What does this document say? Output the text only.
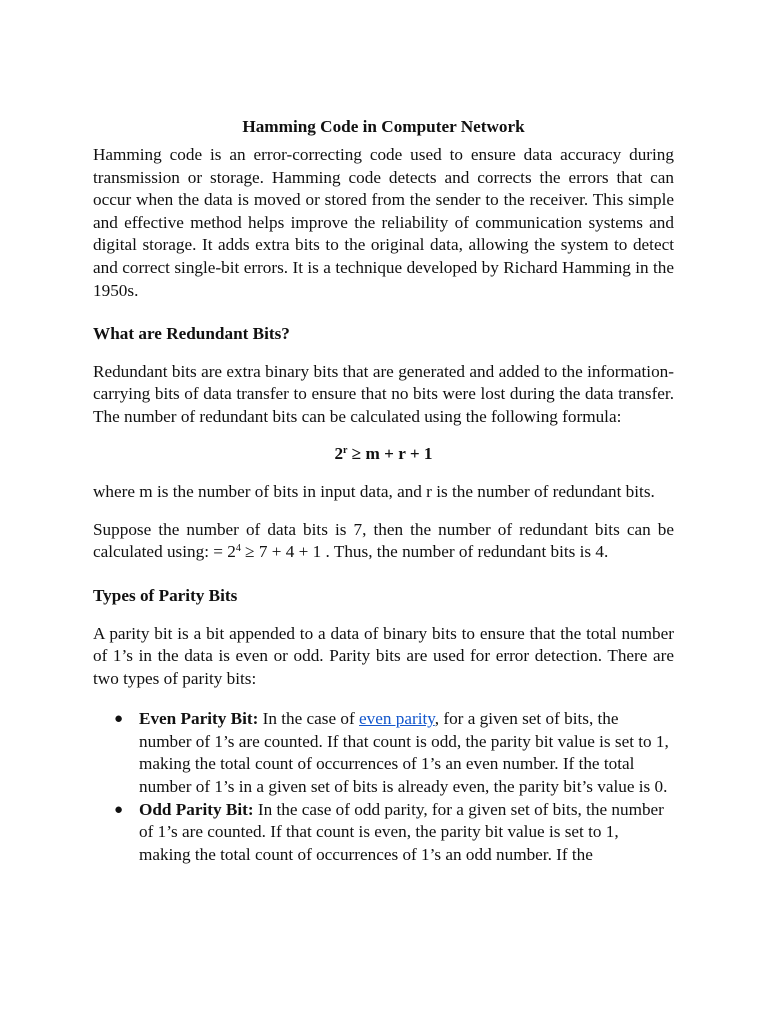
Hamming Code in Computer Network

Hamming code is an error-correcting code used to ensure data accuracy during transmission or storage. Hamming code detects and corrects the errors that can occur when the data is moved or stored from the sender to the receiver. This simple and effective method helps improve the reliability of communication systems and digital storage. It adds extra bits to the original data, allowing the system to detect and correct single-bit errors. It is a technique developed by Richard Hamming in the 1950s.

What are Redundant Bits?

Redundant bits are extra binary bits that are generated and added to the information-carrying bits of data transfer to ensure that no bits were lost during the data transfer. The number of redundant bits can be calculated using the following formula:

$2^r \ge m + r + 1$

where m is the number of bits in input data, and r is the number of redundant bits.

Suppose the number of data bits is 7, then the number of redundant bits can be calculated using: = $2^4 \ge 7 + 4 + 1$ . Thus, the number of redundant bits is 4.

Types of Parity Bits

A parity bit is a bit appended to a data of binary bits to ensure that the total number of 1’s in the data is even or odd. Parity bits are used for error detection. There are two types of parity bits:

● Even Parity Bit: In the case of even parity, for a given set of bits, the number of 1’s are counted. If that count is odd, the parity bit value is set to 1, making the total count of occurrences of 1’s an even number. If the total number of 1’s in a given set of bits is already even, the parity bit’s value is 0.
● Odd Parity Bit: In the case of odd parity, for a given set of bits, the number of 1’s are counted. If that count is even, the parity bit value is set to 1, making the total count of occurrences of 1’s an odd number. If the
